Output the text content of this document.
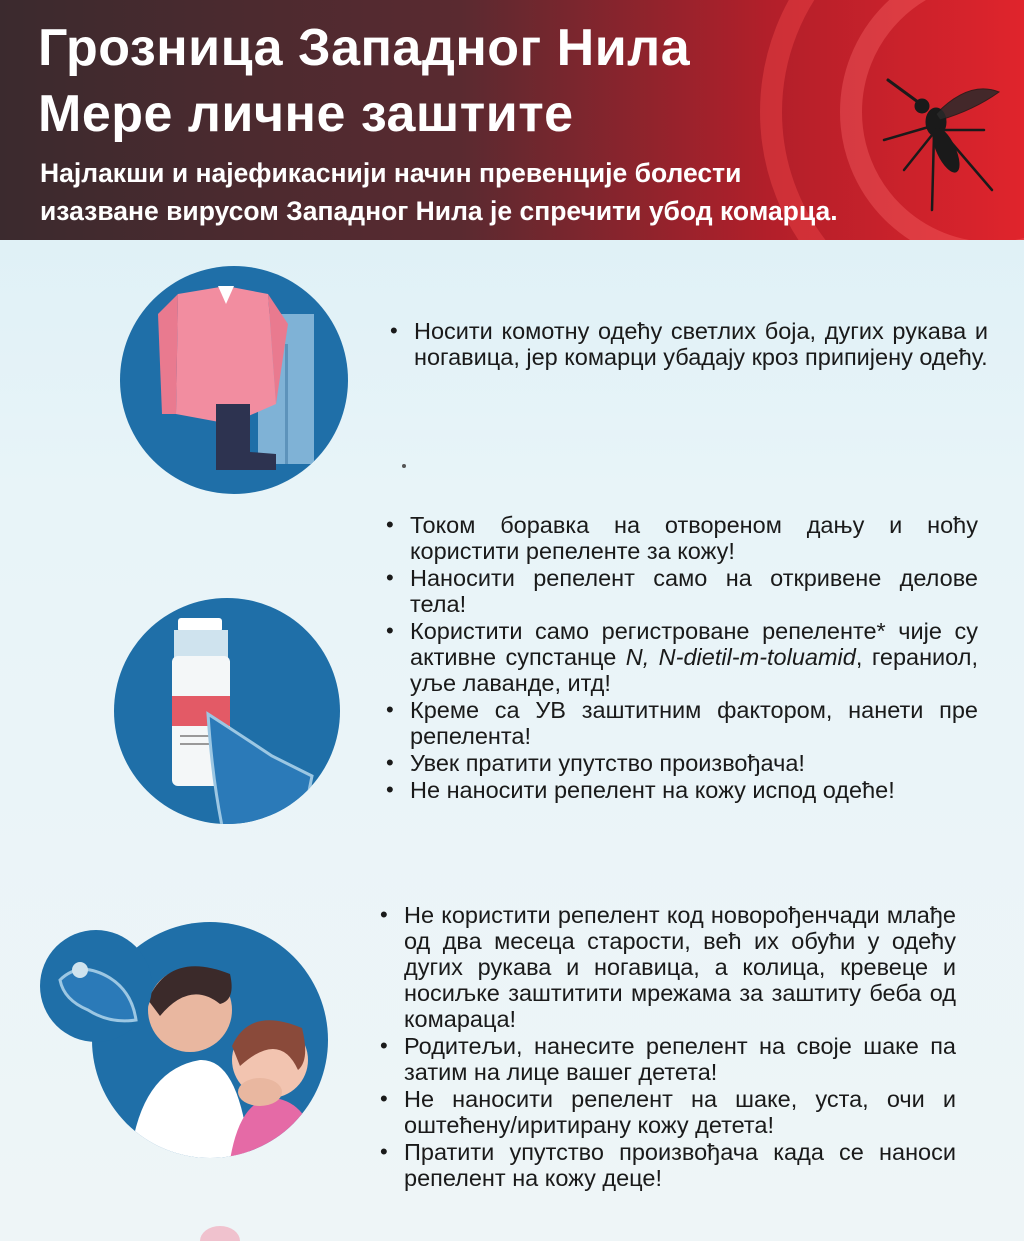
Грозница Западног Нила
Мере личне заштите

Најлакши и најефикаснији начин превенције болести

изазване вирусом Западног Нила је спречити убод комарца.

• Носити комотну одећу светлих боја, дугих рукава и ногавица, јер комарци убадају кроз припијену одећу.
• Током боравка на отвореном дању и ноћу користити репеленте за кожу!
• Наносити репелент само на откривене делове тела!
• Користити само регистроване репеленте* чије су активне супстанце N, N-dietil-m-toluamid, гераниол, уље лаванде, итд!
• Креме са УВ заштитним фактором, нанети пре репелента!
• Увек пратити упутство произвођача!
• Не наносити репелент на кожу испод одеће!
• Не користити репелент код новорођенчади млађе од два месеца старости, већ их обући у одећу дугих рукава и ногавица, а колица, кревеце и носиљке заштитити мрежама за заштиту беба од комараца!
• Родитељи, нанесите репелент на своје шаке па затим на лице вашег детета!
• Не наносити репелент на шаке, уста, очи и оштећену/иритирану кожу детета!
• Пратити упутство произвођача када се наноси репелент на кожу деце!
